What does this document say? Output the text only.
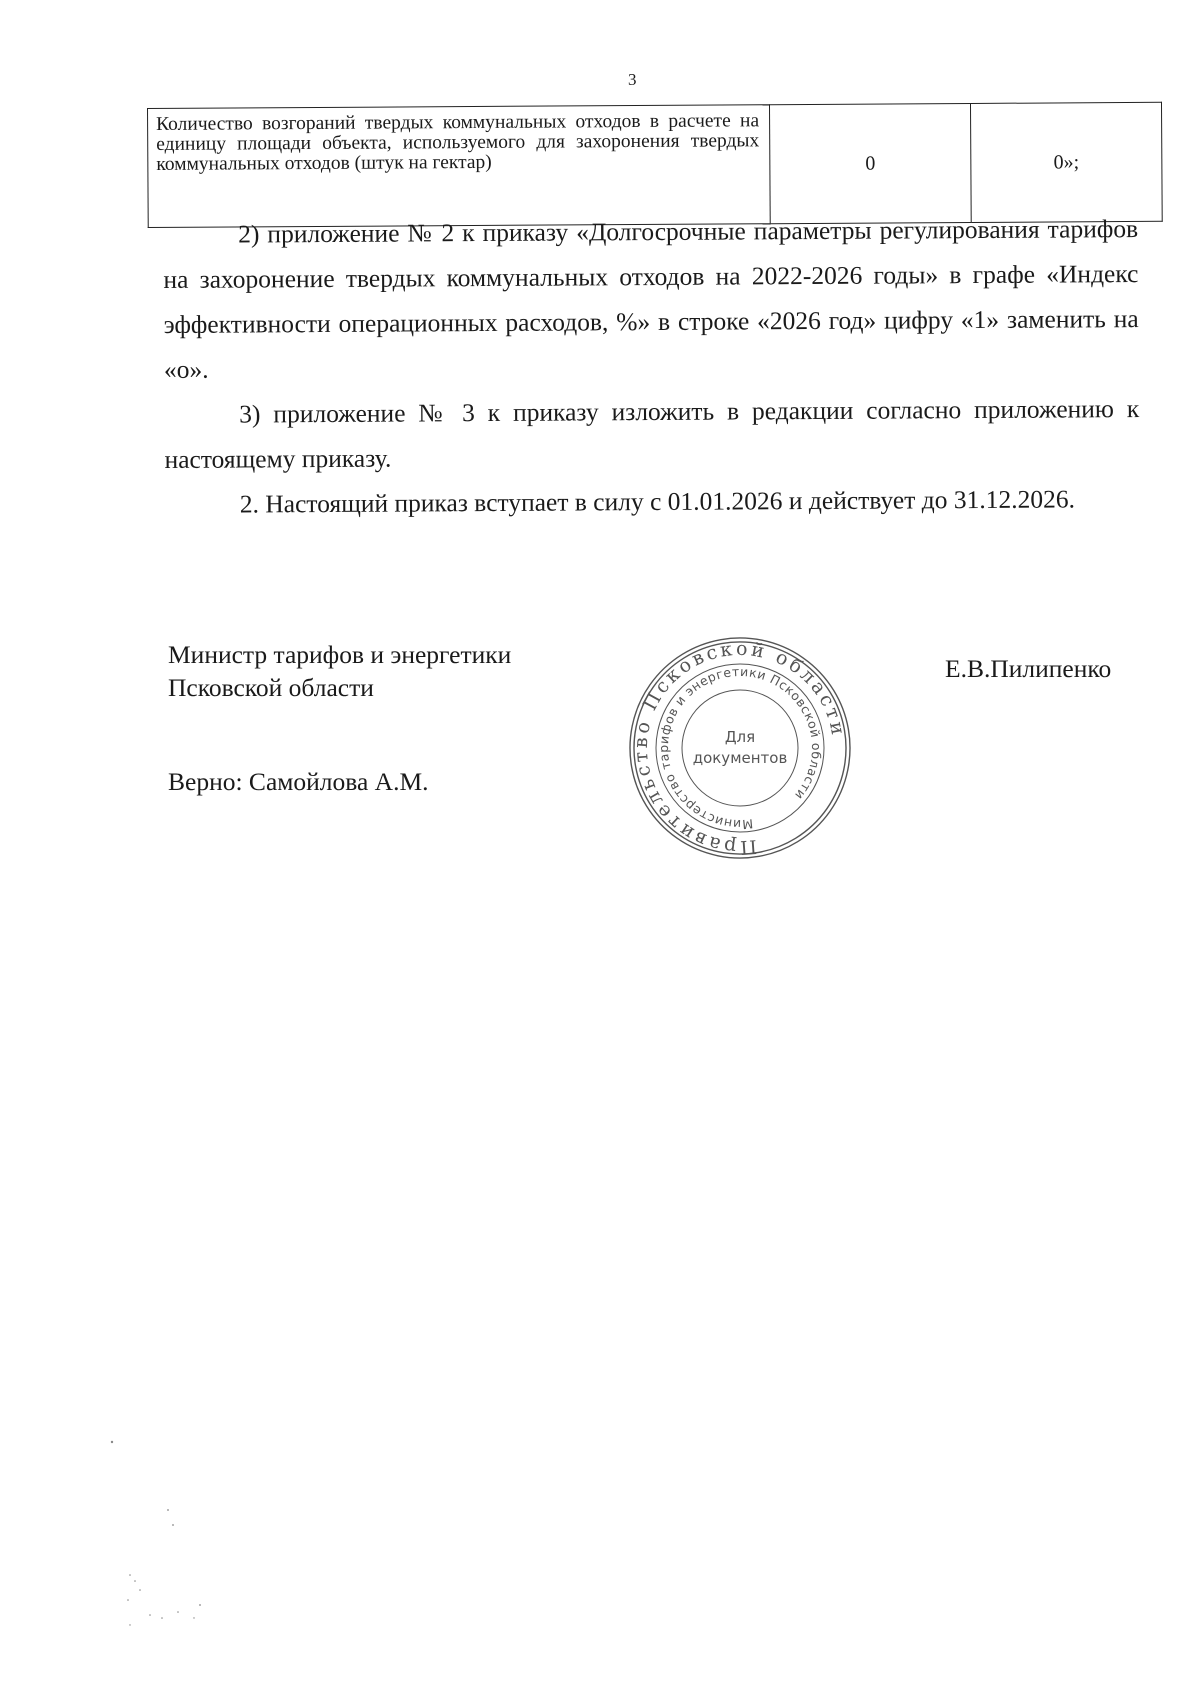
3
Количество возгораний твердых коммунальных отходов в расчете на единицу площади объекта, используемого для захоронения твердых коммунальных отходов (штук на гектар)	0	0»;

2) приложение № 2 к приказу «Долгосрочные параметры регулирования тарифов на захоронение твердых коммунальных отходов на 2022-2026 годы» в графе «Индекс эффективности операционных расходов, %» в строке «2026 год» цифру «1» заменить на «о».

3) приложение № 3 к приказу изложить в редакции согласно приложению к настоящему приказу.

2. Настоящий приказ вступает в силу с 01.01.2026 и действует до 31.12.2026.

Министр тарифов и энергетики
Псковской области
Е.В.Пилипенко
Верно: Самойлова А.М.
Правительство Псковской области
Министерство тарифов и энергетики Псковской области
Для
документов
